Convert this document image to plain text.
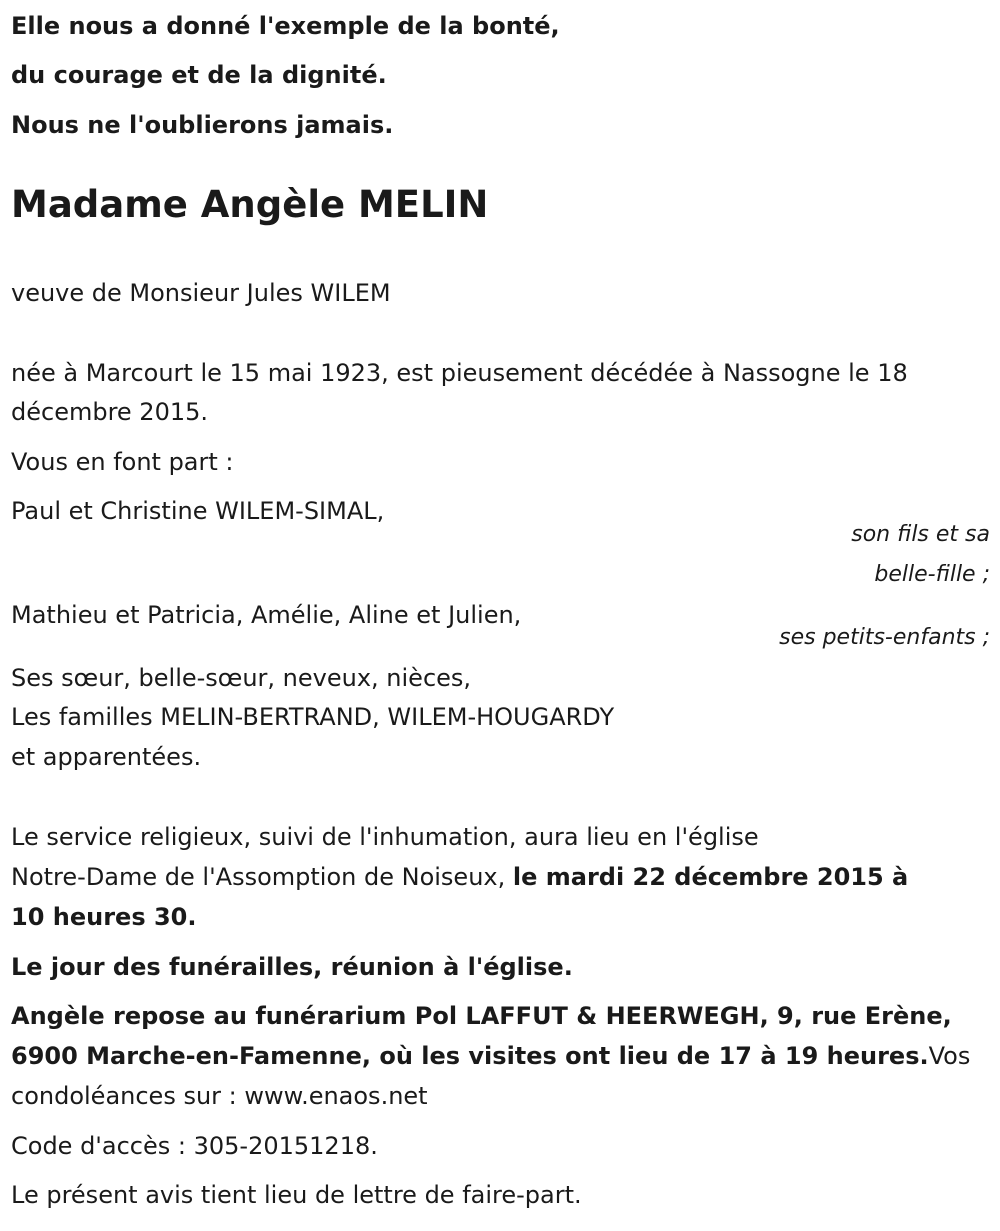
Elle nous a donné l'exemple de la bonté,
du courage et de la dignité.
Nous ne l'oublierons jamais.
Madame Angèle MELIN
veuve de Monsieur Jules WILEM
née à Marcourt le 15 mai 1923, est pieusement décédée à Nassogne le 18
décembre 2015.
Vous en font part :
Paul et Christine WILEM-SIMAL,
son fils et sa
belle-fille ;
Mathieu et Patricia, Amélie, Aline et Julien,
ses petits-enfants ;
Ses sœur, belle-sœur, neveux, nièces,
Les familles MELIN-BERTRAND, WILEM-HOUGARDY
et apparentées.
Le service religieux, suivi de l'inhumation, aura lieu en l'église
Notre-Dame de l'Assomption de Noiseux, le mardi 22 décembre 2015 à
10 heures 30.
Le jour des funérailles, réunion à l'église.
Angèle repose au funérarium Pol LAFFUT & HEERWEGH, 9, rue Erène,
6900 Marche-en-Famenne, où les visites ont lieu de 17 à 19 heures.Vos
condoléances sur : www.enaos.net
Code d'accès : 305-20151218.
Le présent avis tient lieu de lettre de faire-part.
